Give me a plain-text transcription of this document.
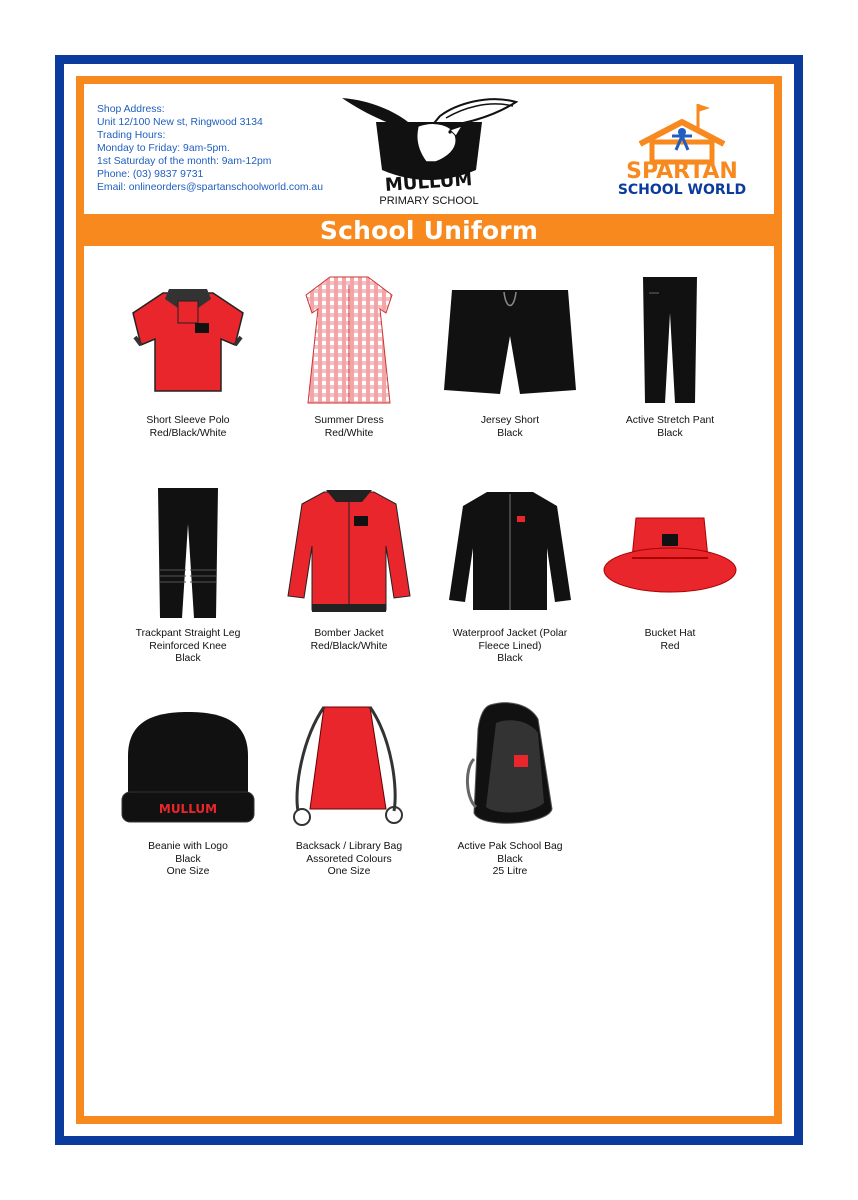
Shop Address:
Unit 12/100 New st, Ringwood 3134
Trading Hours:
Monday to Friday: 9am-5pm.
1st Saturday of the month: 9am-12pm
Phone: (03) 9837 9731
Email: onlineorders@spartanschoolworld.com.au	MULLUM
PRIMARY SCHOOL
SPARTAN
SCHOOL WORLD
School Uniform
Short Sleeve Polo
Red/Black/White
Summer Dress
Red/White
Jersey Short
Black
Active Stretch Pant
Black
Trackpant Straight Leg
Reinforced Knee
Black
Bomber Jacket
Red/Black/White
Waterproof Jacket (Polar
Fleece Lined)
Black
Bucket Hat
Red
MULLUM
Beanie with Logo
Black
One Size
Backsack / Library Bag
Assoreted Colours
One Size
Active Pak School Bag
Black
25 Litre
